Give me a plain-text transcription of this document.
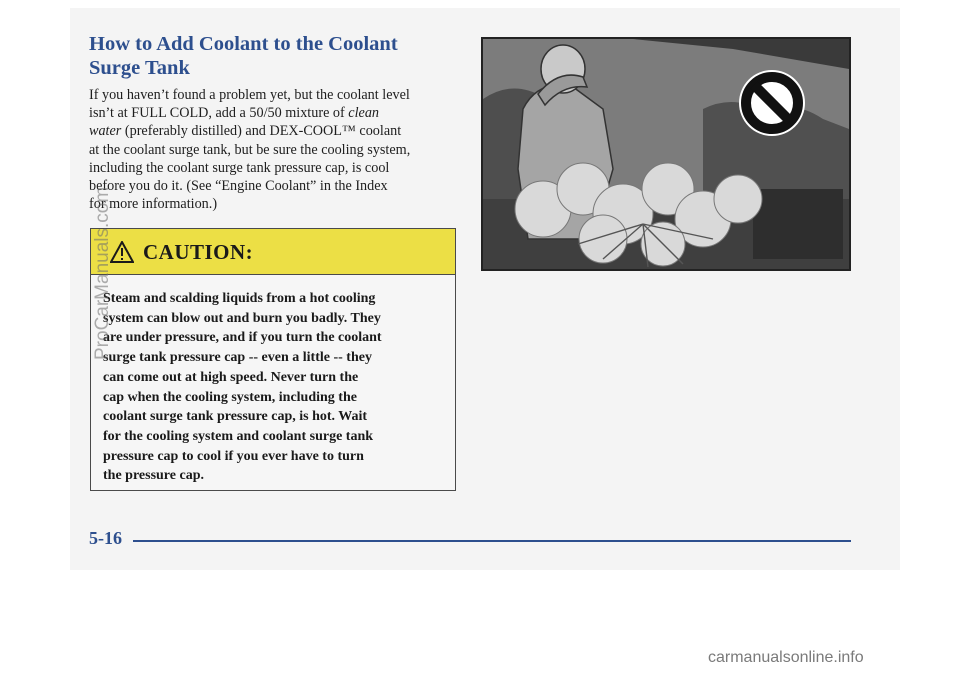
How to Add Coolant to the Coolant
Surge Tank

If you haven’t found a problem yet, but the coolant level
isn’t at FULL COLD, add a 50/50 mixture of clean
water (preferably distilled) and DEX-COOL™ coolant
at the coolant surge tank, but be sure the cooling system,
including the coolant surge tank pressure cap, is cool
before you do it. (See “Engine Coolant” in the Index
for more information.)

CAUTION:

Steam and scalding liquids from a hot cooling
system can blow out and burn you badly. They
are under pressure, and if you turn the coolant
surge tank pressure cap -- even a little -- they
can come out at high speed. Never turn the
cap when the cooling system, including the
coolant surge tank pressure cap, is hot. Wait
for the cooling system and coolant surge tank
pressure cap to cool if you ever have to turn
the pressure cap.

5-16
ProCarManuals.com
carmanualsonline.info
